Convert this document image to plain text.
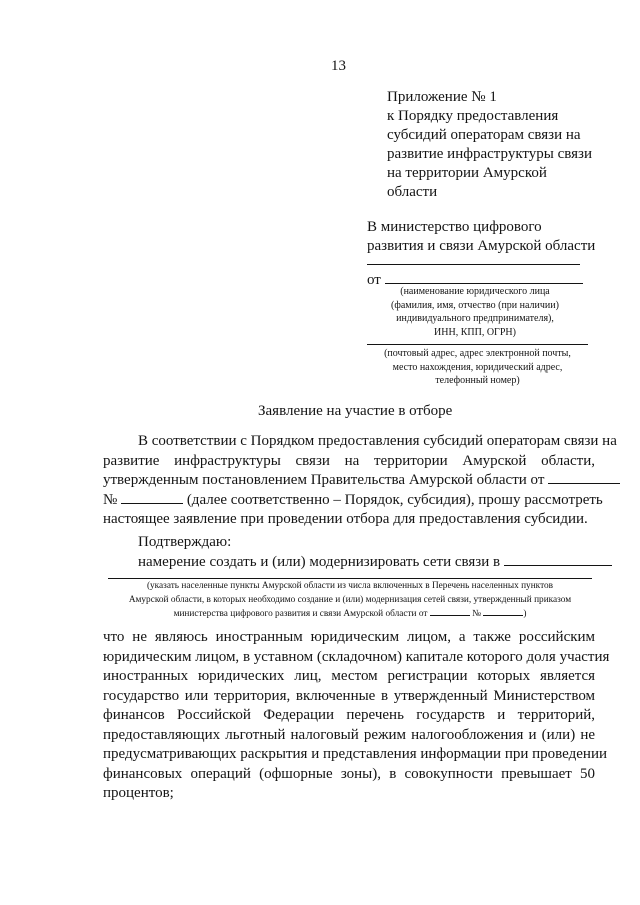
13
Приложение № 1
к Порядку предоставления
субсидий операторам связи на
развитие инфраструктуры связи
на территории Амурской
области
В министерство цифрового
развития и связи Амурской области
от
(наименование юридического лица
(фамилия, имя, отчество (при наличии)
индивидуального предпринимателя),
ИНН, КПП, ОГРН)
(почтовый адрес, адрес электронной почты,
место нахождения, юридический адрес,
телефонный номер)
Заявление на участие в отборе
В соответствии с Порядком предоставления субсидий операторам связи на
развитие инфраструктуры связи на территории Амурской области,
утвержденным постановлением Правительства Амурской области от
№	(далее соответственно – Порядок, субсидия), прошу рассмотреть
настоящее заявление при проведении отбора для предоставления субсидии.
Подтверждаю:
намерение создать и (или) модернизировать сети связи в
(указать населенные пункты Амурской области из числа включенных в Перечень населенных пунктов
Амурской области, в которых необходимо создание и (или) модернизация сетей связи, утвержденный приказом
министерства цифрового развития и связи Амурской области от	№	)
что не являюсь иностранным юридическим лицом, а также российским
юридическим лицом, в уставном (складочном) капитале которого доля участия
иностранных юридических лиц, местом регистрации которых является
государство или территория, включенные в утвержденный Министерством
финансов Российской Федерации перечень государств и территорий,
предоставляющих льготный налоговый режим налогообложения и (или) не
предусматривающих раскрытия и представления информации при проведении
финансовых операций (офшорные зоны), в совокупности превышает 50
процентов;
